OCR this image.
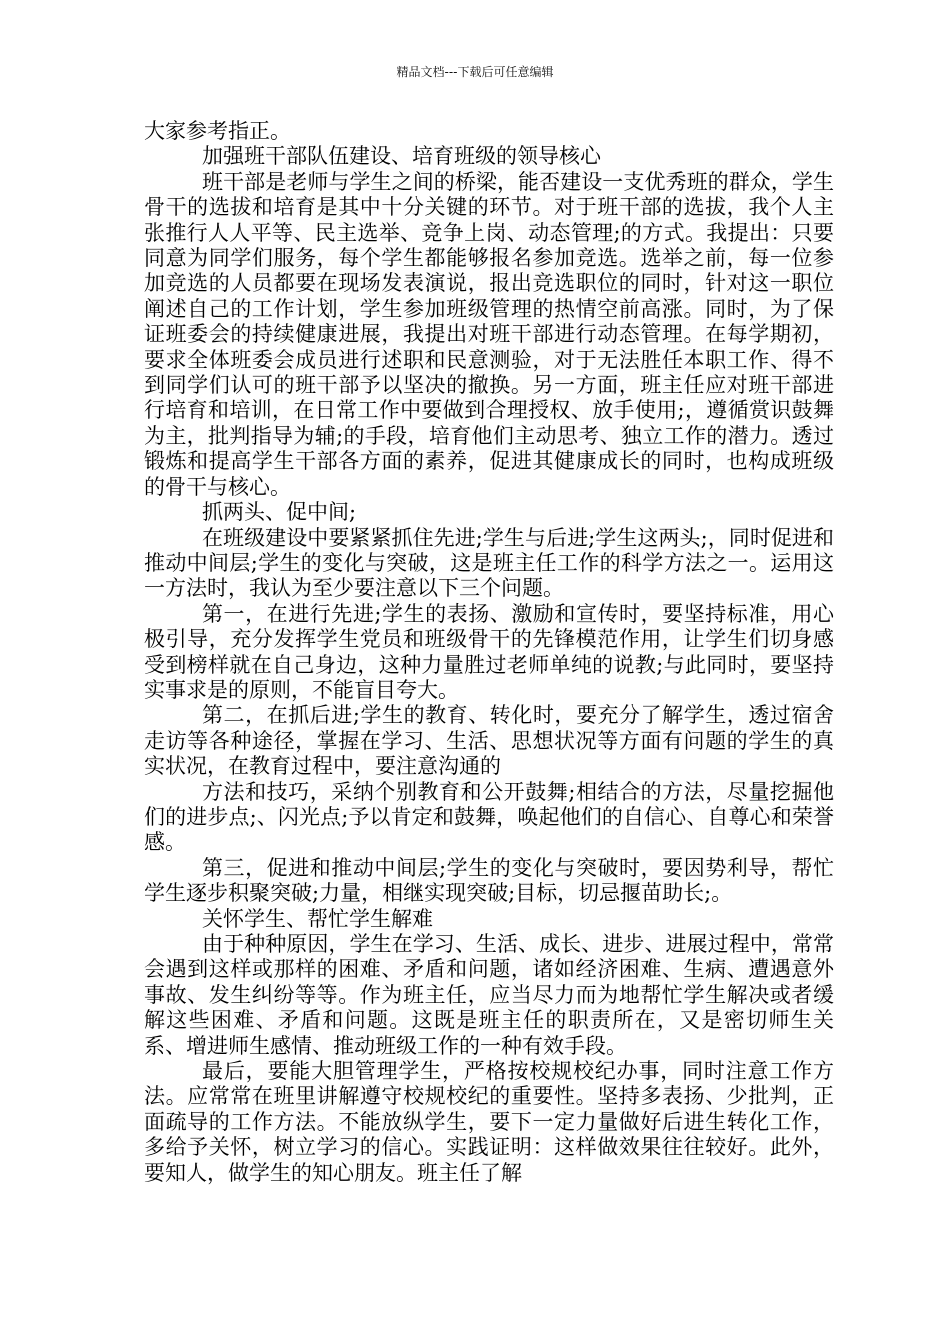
精品文档---下载后可任意编辑

大家参考指正。

加强班干部队伍建设、培育班级的领导核心

班干部是老师与学生之间的桥梁，能否建设一支优秀班的群众，学生骨干的选拔和培育是其中十分关键的环节。对于班干部的选拔，我个人主张推行人人平等、民主选举、竞争上岗、动态管理;的方式。我提出：只要同意为同学们服务，每个学生都能够报名参加竞选。选举之前，每一位参加竞选的人员都要在现场发表演说，报出竞选职位的同时，针对这一职位阐述自己的工作计划，学生参加班级管理的热情空前高涨。同时，为了保证班委会的持续健康进展，我提出对班干部进行动态管理。在每学期初，要求全体班委会成员进行述职和民意测验，对于无法胜任本职工作、得不到同学们认可的班干部予以坚决的撤换。另一方面，班主任应对班干部进行培育和培训，在日常工作中要做到合理授权、放手使用;，遵循赏识鼓舞为主，批判指导为辅;的手段，培育他们主动思考、独立工作的潜力。透过锻炼和提高学生干部各方面的素养，促进其健康成长的同时，也构成班级的骨干与核心。

抓两头、促中间;

在班级建设中要紧紧抓住先进;学生与后进;学生这两头;，同时促进和推动中间层;学生的变化与突破，这是班主任工作的科学方法之一。运用这一方法时，我认为至少要注意以下三个问题。

第一，在进行先进;学生的表扬、激励和宣传时，要坚持标准，用心极引导，充分发挥学生党员和班级骨干的先锋模范作用，让学生们切身感受到榜样就在自己身边，这种力量胜过老师单纯的说教;与此同时，要坚持实事求是的原则，不能盲目夸大。

第二，在抓后进;学生的教育、转化时，要充分了解学生，透过宿舍走访等各种途径，掌握在学习、生活、思想状况等方面有问题的学生的真实状况，在教育过程中，要注意沟通的

方法和技巧，采纳个别教育和公开鼓舞;相结合的方法，尽量挖掘他们的进步点;、闪光点;予以肯定和鼓舞，唤起他们的自信心、自尊心和荣誉感。

第三，促进和推动中间层;学生的变化与突破时，要因势利导，帮忙学生逐步积聚突破;力量，相继实现突破;目标，切忌揠苗助长;。

关怀学生、帮忙学生解难

由于种种原因，学生在学习、生活、成长、进步、进展过程中，常常会遇到这样或那样的困难、矛盾和问题，诸如经济困难、生病、遭遇意外事故、发生纠纷等等。作为班主任，应当尽力而为地帮忙学生解决或者缓解这些困难、矛盾和问题。这既是班主任的职责所在，又是密切师生关系、增进师生感情、推动班级工作的一种有效手段。

最后，要能大胆管理学生，严格按校规校纪办事，同时注意工作方法。应常常在班里讲解遵守校规校纪的重要性。坚持多表扬、少批判，正面疏导的工作方法。不能放纵学生，要下一定力量做好后进生转化工作，多给予关怀，树立学习的信心。实践证明：这样做效果往往较好。此外，要知人，做学生的知心朋友。班主任了解
